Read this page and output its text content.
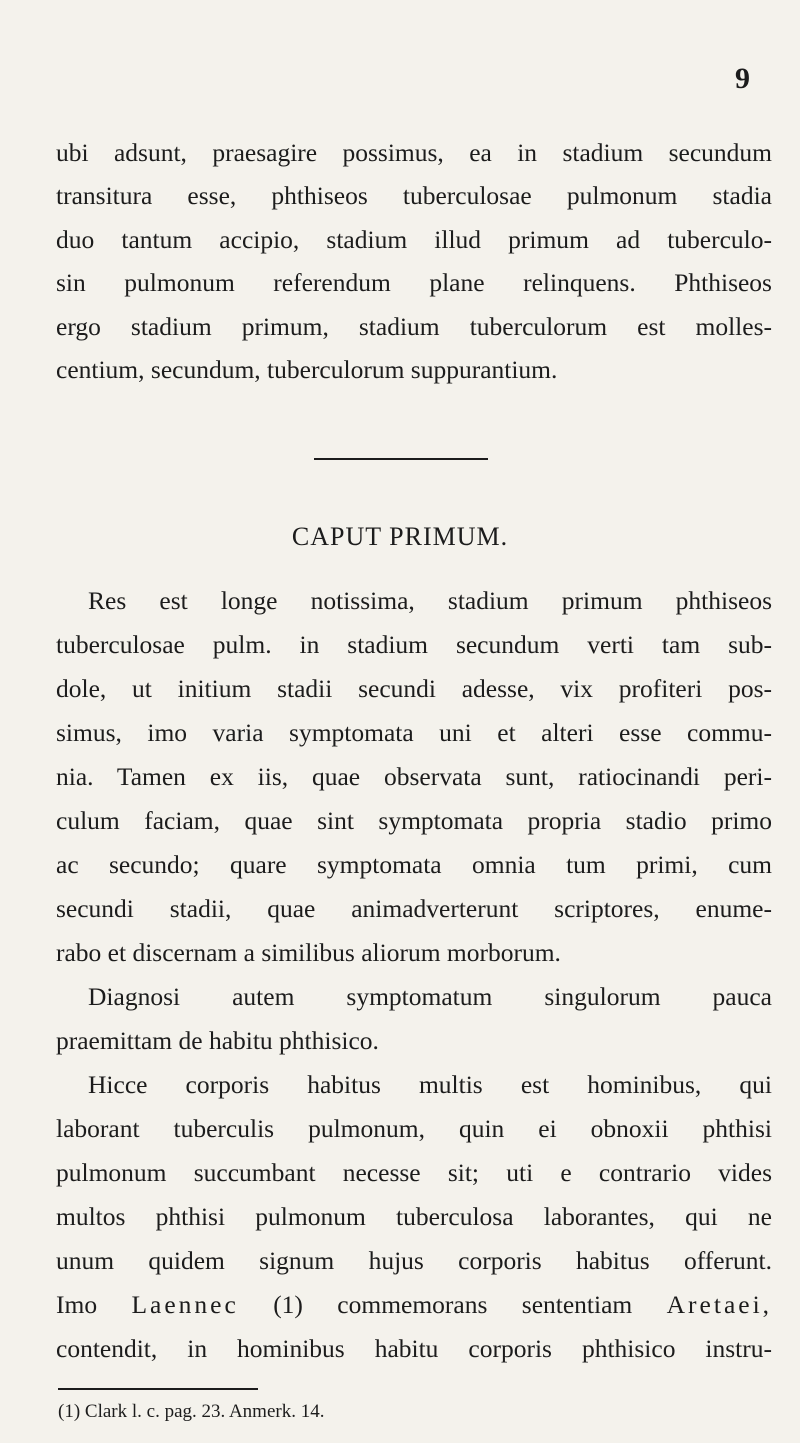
9
ubi adsunt, praesagire possimus, ea in stadium secundum
transitura esse, phthiseos tuberculosae pulmonum stadia
duo tantum accipio, stadium illud primum ad tuberculo-
sin pulmonum referendum plane relinquens. Phthiseos
ergo stadium primum, stadium tuberculorum est molles-
centium, secundum, tuberculorum suppurantium.
CAPUT PRIMUM.
Res est longe notissima, stadium primum phthiseos
tuberculosae pulm. in stadium secundum verti tam sub-
dole, ut initium stadii secundi adesse, vix profiteri pos-
simus, imo varia symptomata uni et alteri esse commu-
nia. Tamen ex iis, quae observata sunt, ratiocinandi peri-
culum faciam, quae sint symptomata propria stadio primo
ac secundo; quare symptomata omnia tum primi, cum
secundi stadii, quae animadverterunt scriptores, enume-
rabo et discernam a similibus aliorum morborum.
Diagnosi autem symptomatum singulorum pauca
praemittam de habitu phthisico.
Hicce corporis habitus multis est hominibus, qui
laborant tuberculis pulmonum, quin ei obnoxii phthisi
pulmonum succumbant necesse sit; uti e contrario vides
multos phthisi pulmonum tuberculosa laborantes, qui ne
unum quidem signum hujus corporis habitus offerunt.
Imo Laennec (1) commemorans sententiam Aretaei,
contendit, in hominibus habitu corporis phthisico instru-
(1) Clark l. c. pag. 23. Anmerk. 14.
